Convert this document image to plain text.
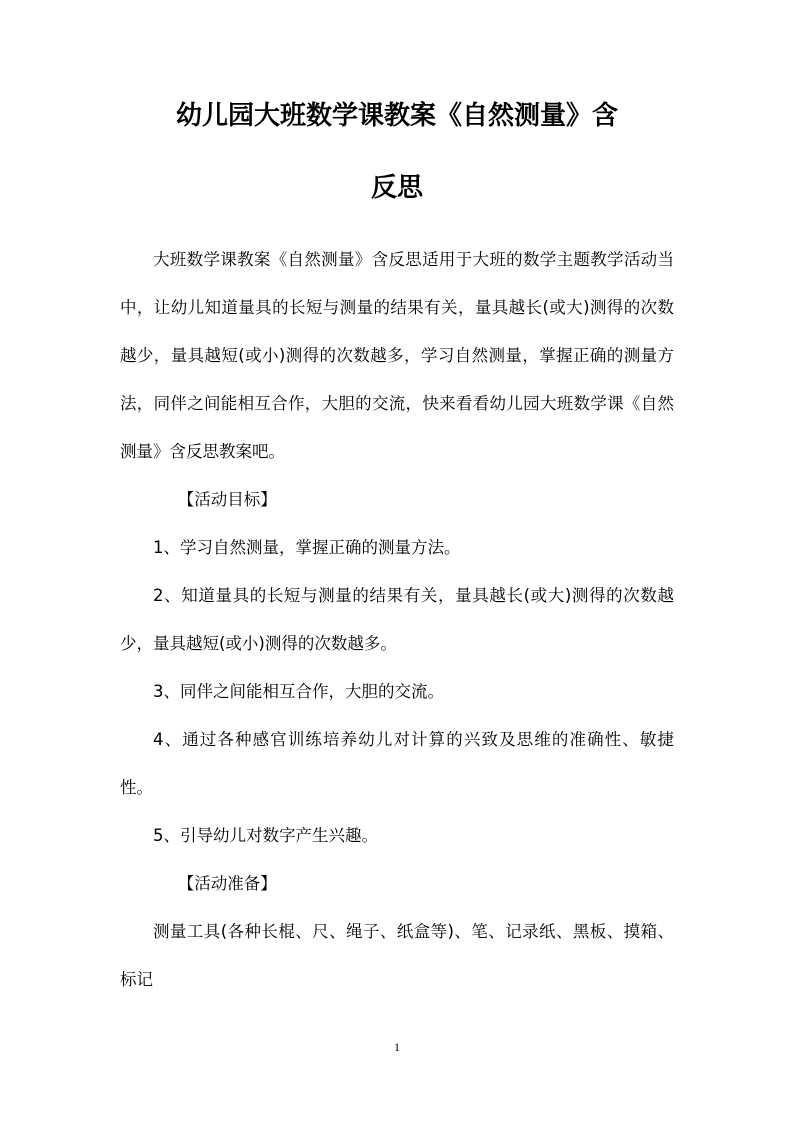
幼儿园大班数学课教案《自然测量》含
反思

大班数学课教案《自然测量》含反思适用于大班的数学主题教学活动当中，让幼儿知道量具的长短与测量的结果有关，量具越长(或大)测得的次数越少，量具越短(或小)测得的次数越多，学习自然测量，掌握正确的测量方法，同伴之间能相互合作，大胆的交流，快来看看幼儿园大班数学课《自然测量》含反思教案吧。

【活动目标】

1、学习自然测量，掌握正确的测量方法。

2、知道量具的长短与测量的结果有关，量具越长(或大)测得的次数越少，量具越短(或小)测得的次数越多。

3、同伴之间能相互合作，大胆的交流。

4、通过各种感官训练培养幼儿对计算的兴致及思维的准确性、敏捷性。

5、引导幼儿对数字产生兴趣。

【活动准备】

测量工具(各种长棍、尺、绳子、纸盒等)、笔、记录纸、黑板、摸箱、标记

1
